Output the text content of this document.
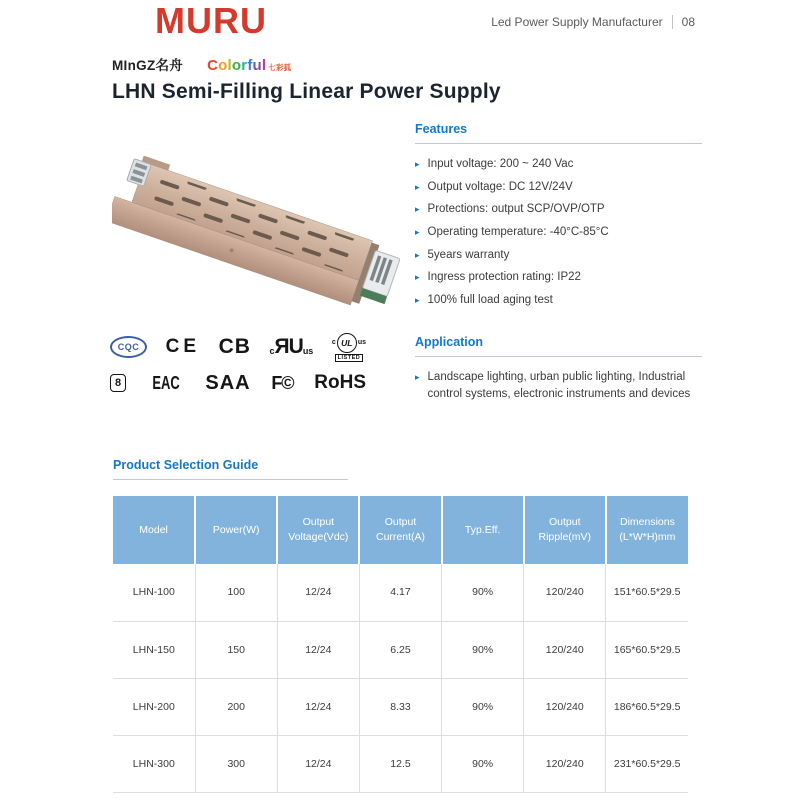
MURU	Led Power Supply Manufacturer 08
MInGZ名舟 C o l o r f u l 七彩狐
LHN Semi-Filling Linear Power Supply
Features
▸ Input voltage: 200 ~ 240 Vac
▸ Output voltage: DC 12V/24V
▸ Protections: output SCP/OVP/OTP
▸ Operating temperature: -40°C-85°C
▸ 5years warranty
▸ Ingress protection rating: IP22
▸ 100% full load aging test
CQC	CE CB c ЯU us
c UL us
LISTED
8 EAC SAA F© RoHS
Application
▸ Landscape lighting, urban public lighting, Industrial control systems, electronic instruments and devices
Product Selection Guide
Model	Power(W)	Output Voltage(Vdc)	Output Current(A)	Typ.Eff.	Output Ripple(mV)	Dimensions (L*W*H)mm
LHN-100	100	12/24	4.17	90%	120/240	151*60.5*29.5
LHN-150	150	12/24	6.25	90%	120/240	165*60.5*29.5
LHN-200	200	12/24	8.33	90%	120/240	186*60.5*29.5
LHN-300	300	12/24	12.5	90%	120/240	231*60.5*29.5
